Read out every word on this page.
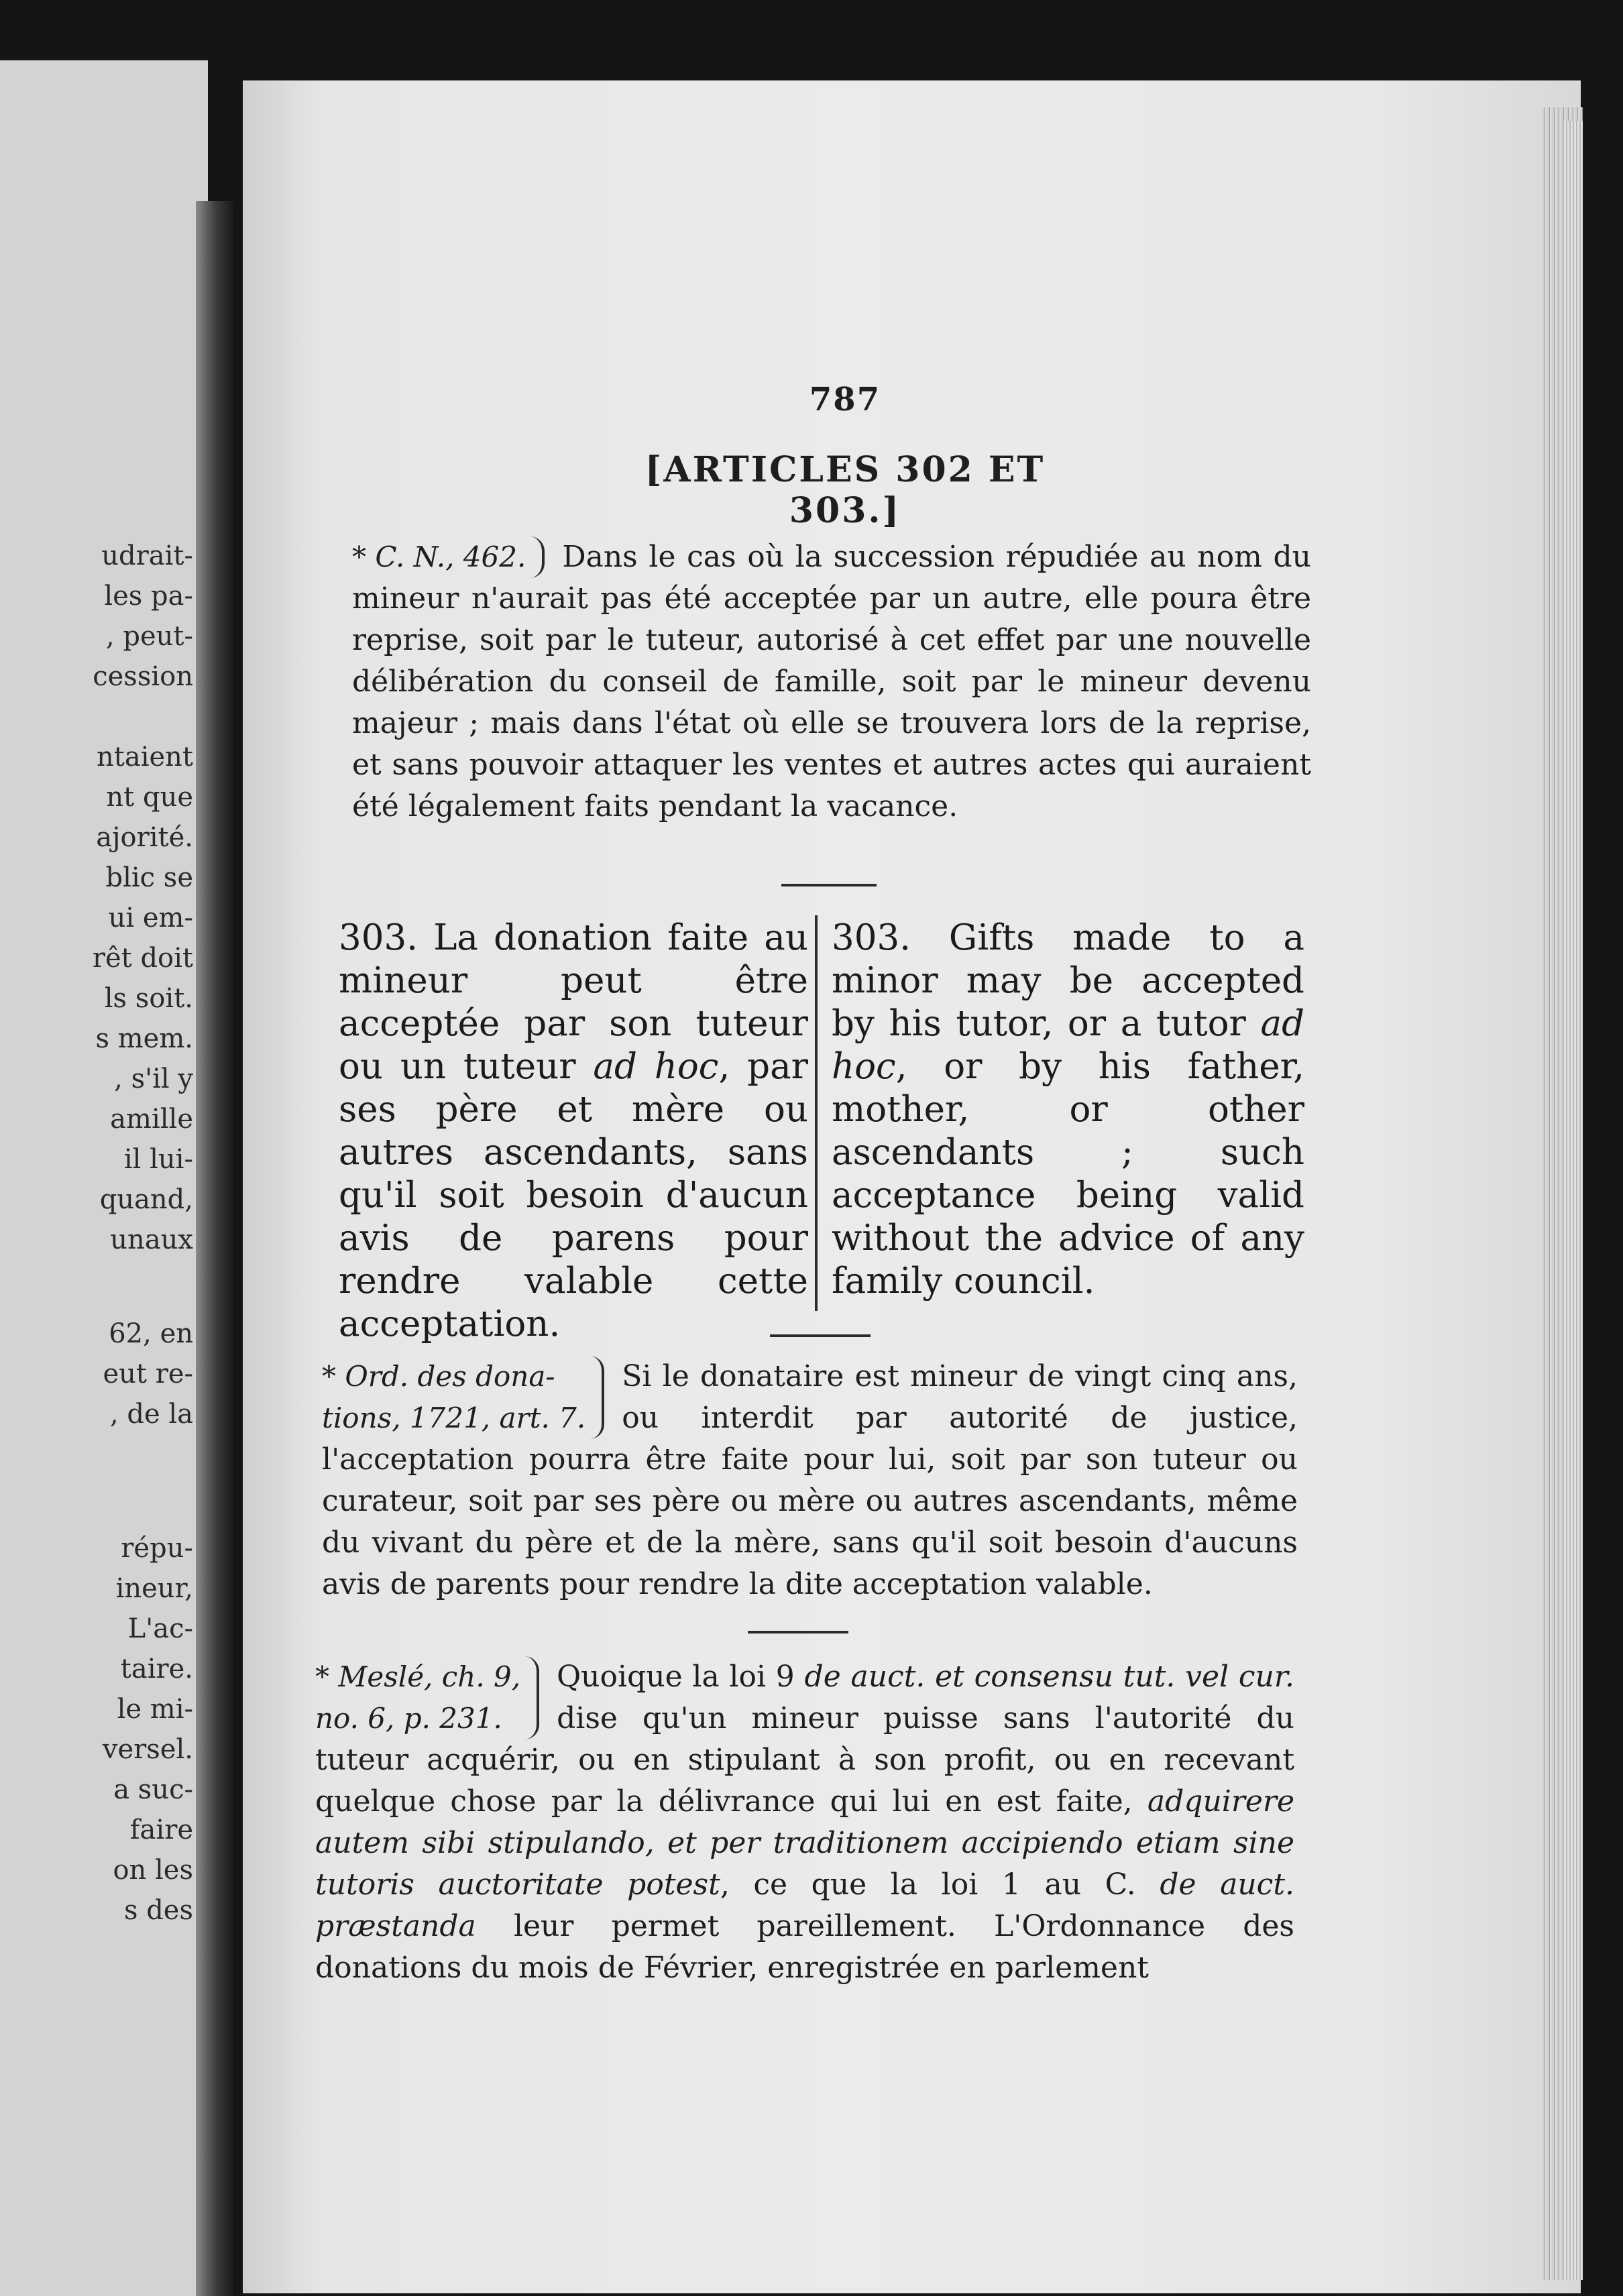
udrait-
les pa-
, peut-
cession
ntaient
nt que
ajorité.
blic se
ui em-
rêt doit
ls soit.
s mem.
, s'il y
amille
il lui-
quand,
unaux
62, en
eut re-
, de la
répu-
ineur,
L'ac-
taire.
le mi-
versel.
a suc-
faire
on les
s des
787
[ARTICLES 302 ET 303.]
* C. N., 462. Dans le cas où la succession répudiée au nom du mineur n'aurait pas été acceptée par un autre, elle poura être reprise, soit par le tuteur, autorisé à cet effet par une nouvelle délibération du conseil de famille, soit par le mineur devenu majeur ; mais dans l'état où elle se trouvera lors de la reprise, et sans pouvoir attaquer les ventes et autres actes qui auraient été légalement faits pendant la vacance.

303. La donation faite au mineur peut être acceptée par son tuteur ou un tuteur ad hoc, par ses père et mère ou autres ascendants, sans qu'il soit besoin d'aucun avis de parens pour rendre valable cette acceptation.

303. Gifts made to a minor may be accepted by his tutor, or a tutor ad hoc, or by his father, mother, or other ascendants ; such acceptance being valid without the advice of any family council.

* Ord. des dona-
tions, 1721, art. 7.
Si le donataire est mineur de vingt cinq ans, ou interdit par autorité de justice, l'acceptation pourra être faite pour lui, soit par son tuteur ou curateur, soit par ses père ou mère ou autres ascendants, même du vivant du père et de la mère, sans qu'il soit besoin d'aucuns avis de parents pour rendre la dite acceptation valable.
* Meslé, ch. 9,
no. 6, p. 231.
Quoique la loi 9 de auct. et consensu tut. vel cur. dise qu'un mineur puisse sans l'autorité du tuteur acquérir, ou en stipulant à son profit, ou en recevant quelque chose par la délivrance qui lui en est faite, adquirere autem sibi stipulando, et per traditionem accipiendo etiam sine tutoris auctoritate potest, ce que la loi 1 au C. de auct. præstanda leur permet pareillement. L'Ordonnance des donations du mois de Février, enregistrée en parlement
